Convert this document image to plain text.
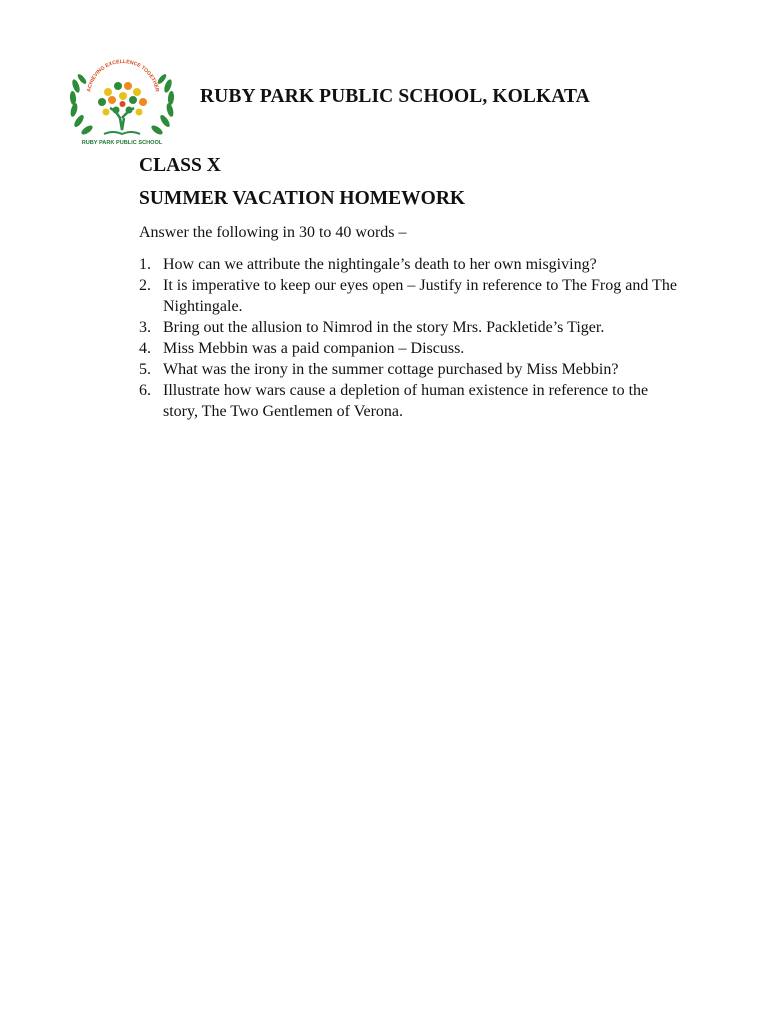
ACHIEVING EXCELLENCE TOGETHER
RUBY PARK PUBLIC SCHOOL
RUBY PARK PUBLIC SCHOOL, KOLKATA
CLASS X
SUMMER VACATION HOMEWORK
Answer the following in 30 to 40 words –
1. How can we attribute the nightingale’s death to her own misgiving?
2. It is imperative to keep our eyes open – Justify in reference to The Frog and The Nightingale.
3. Bring out the allusion to Nimrod in the story Mrs. Packletide’s Tiger.
4. Miss Mebbin was a paid companion – Discuss.
5. What was the irony in the summer cottage purchased by Miss Mebbin?
6. Illustrate how wars cause a depletion of human existence in reference to the story, The Two Gentlemen of Verona.
